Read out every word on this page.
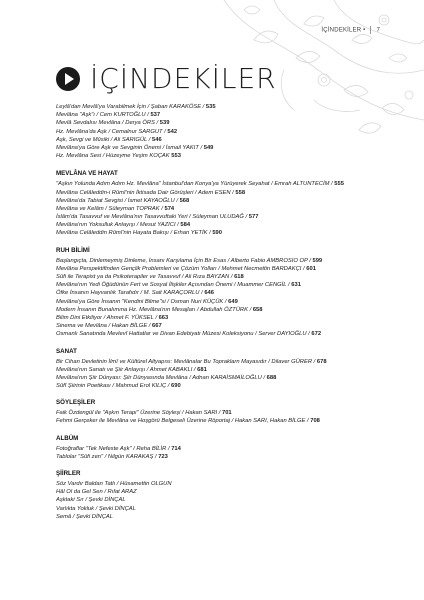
İÇİNDEKİLER • 7
İÇİNDEKİLER
Leylâ'dan Mevlâ'ya Varabilmek İçin / Şaban KARAKÖSE / 535
Mevlâna "Aşk"ı / Cem KURTOĞLU / 537
Mevlâ Sevdalısı Mevlâna / Derya ÖRS / 539
Hz. Mevlâna'da Aşk / Cemalnur SARGUT / 542
Aşk, Sevgi ve Mûsiki / Ali SARIGÜL / 546
Mevlâna'ya Göre Aşk ve Sevginin Önemi / İsmail YAKIT / 549
Hz. Mevlâna Sesi / Hüzeyme Yeşim KOÇAK 553
MEVLÂNA VE HAYAT
"Aşkın Yolunda Adım Adım Hz. Mevlâna" İstanbul'dan Konya'ya Yürüyerek Seyahat / Emrah ALTUNTECİM / 555
Mevlâna Celâleddin-i Rûmî'nin İktisada Dair Görüşleri / Adem ESEN / 558
Mevlâna'da Tabiat Sevgisi / İsmet KAYAOĞLU / 568
Mevlâna ve Kelâm / Süleyman TOPRAK / 574
İslâm'da Tasavvuf ve Mevlâna'nın Tasavvuftaki Yeri / Süleyman ULUDAĞ / 577
Mevlâna'nın Yoksulluk Anlayışı / Mesut YAZICI / 584
Mevlâna Celâleddin Rûmî'nin Hayata Bakışı / Erhan YETİK / 590
RUH BİLİMİ
Başlangıçta, Dinlemeymiş Dinleme, İnsanı Karşılama İçin Bir Esas / Alberto Fabio AMBROSIO OP / 599
Mevlâna Perspektifinden Gençlik Problemleri ve Çözüm Yolları / Mehmet Necmettin BARDAKÇI / 601
Sûfi ile Terapist ya da Psikoterapiler ve Tasavvuf / Ali Rıza BAYZAN / 618
Mevlâna'nın Yedi Öğüdünün Fert ve Sosyal İlişkiler Açısından Önemi / Muammer CENGİL / 631
Öfke İnsanın Hayvanlık Tarafıdır / M. Sait KARAÇORLU / 646
Mevlâna'ya Göre İnsanın "Kendini Bilme"si / Osman Nuri KÜÇÜK / 649
Modern İnsanın Bunalımına Hz. Mevlâna'nın Mesajları / Abdullah ÖZTÜRK / 658
Bilim Dini Etkiliyor / Ahmet F. YÜKSEL / 663
Sinema ve Mevlâna / Hakan BİLGE / 667
Osmanlı Sanatında Mevlevî Hattatlar ve Divan Edebiyatı Müzesi Koleksiyonu / Server DAYIOĞLU / 672
SANAT
Bir Cihan Devletinin İlmî ve Kültürel Altyapısı: Mevlânalar Bu Topraklarn Mayasıdır / Dilaver GÜRER / 678
Mevlâna'nın Sanatı ve Şiir Anlayışı / Ahmet KABAKLI / 681
Mevlâna'nın Şiir Dünyası: Şiir Dünyasında Mevlâna / Adnan KARAİSMAİLOĞLU / 688
Sûfî Şiirinin Poetikası / Mahmud Erol KILIÇ / 690
SÖYLEŞİLER
Faik Özdengül ile "Aşkın Terapi" Üzerine Söyleşi / Hakan SARI / 701
Fehmi Gerçeker ile Mevlâna ve Hoşgörü Belgeseli Üzerine Röportaj / Hakan SARI, Hakan BİLGE / 708
ALBÜM
Fotoğraflar "Tek Nefeste Aşk" / Reha BİLİR / 714
Tablolar "Sûfi zen" / Nilgün KARAKAŞ / 723
ŞİİRLER
Söz Vardır Baldan Tatlı / Hüsamettin OLGUN
Hâl Ol da Gel Sen / Rıfat ARAZ
Aşktaki Sır / Şevki DİNÇAL
Varlıkta Yokluk / Şevki DİNÇAL
Semâ / Şevki DİNÇAL
